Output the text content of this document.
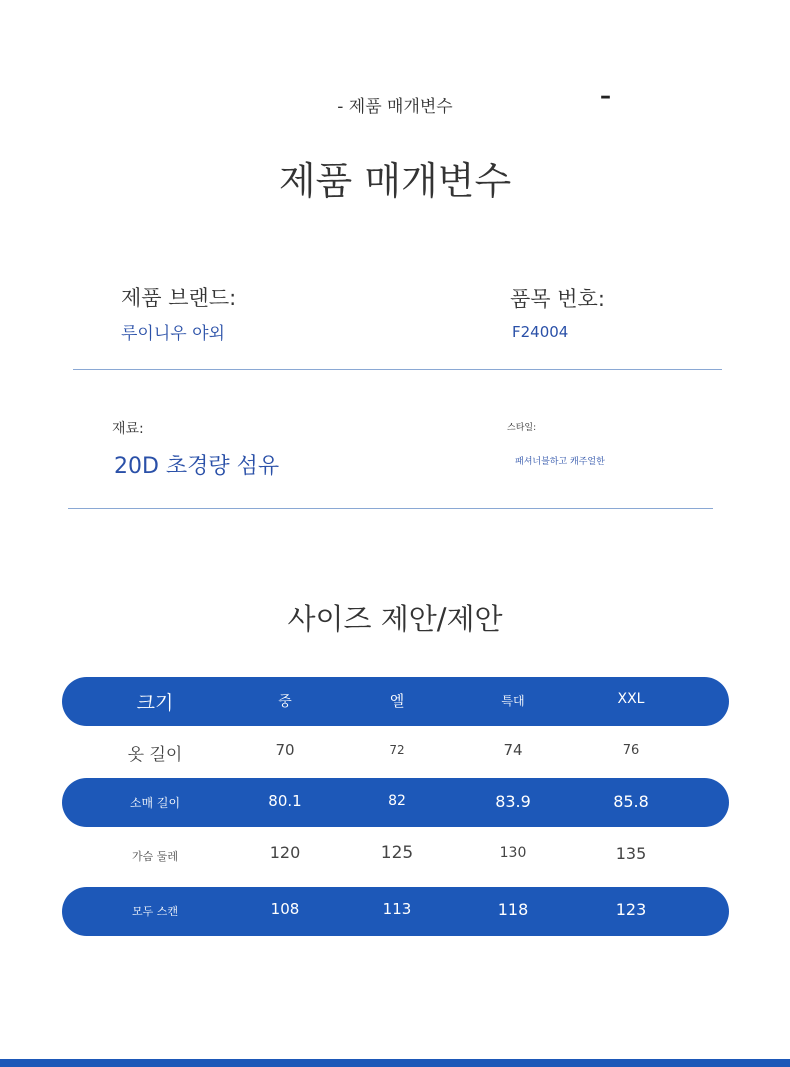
- 제품 매개변수	–
제품 매개변수
제품 브랜드:
루이니우 야외
품목 번호:
F24004
재료:
20D 초경량 섬유
스타일:
패셔너블하고 캐주얼한
사이즈 제안/제안
크기	중	엘	특대	XXL
옷 길이	70	72	74	76
소매 길이	80.1	82	83.9	85.8
가슴 둘레	120	125	130	135
모두 스캔	108	113	118	123
